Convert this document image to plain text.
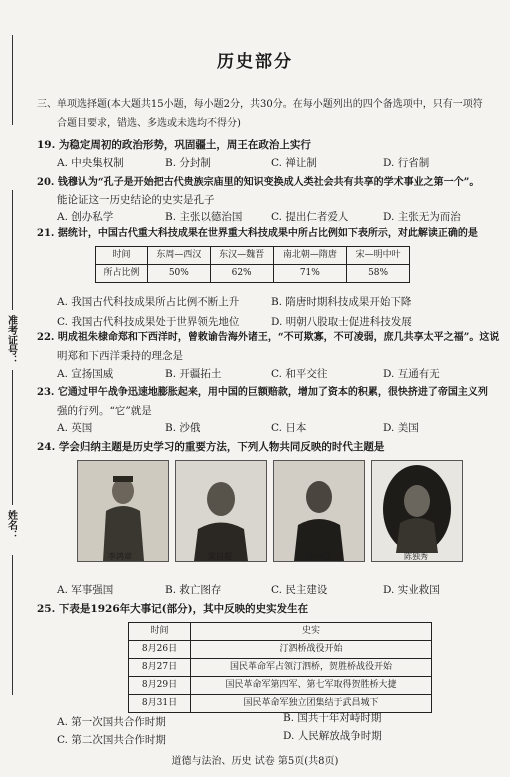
准考证号：
姓名：
历史部分
三、单项选择题(本大题共15小题，每小题2分，共30分。在每小题列出的四个备选项中，只有一项符
合题目要求，错选、多选或未选均不得分)
19. 为稳定周初的政治形势，巩固疆土，周王在政治上实行
A. 中央集权制	B. 分封制	C. 禅让制	D. 行省制
20. 钱穆认为“孔子是开始把古代贵族宗庙里的知识变换成人类社会共有共享的学术事业之第一个”。
能论证这一历史结论的史实是孔子
A. 创办私学	B. 主张以德治国	C. 提出仁者爱人	D. 主张无为而治
21. 据统计，中国古代重大科技成果在世界重大科技成果中所占比例如下表所示，对此解读正确的是
时间	东周—西汉	东汉—魏晋	南北朝—隋唐	宋—明中叶
所占比例	50%	62%	71%	58%
A. 我国古代科技成果所占比例不断上升	B. 隋唐时期科技成果开始下降
C. 我国古代科技成果处于世界领先地位	D. 明朝八股取士促进科技发展
22. 明成祖朱棣命郑和下西洋时，曾敕谕告海外诸王，“不可欺寡，不可凌弱，庶几共享太平之福”。这说
明郑和下西洋秉持的理念是
A. 宣扬国威	B. 开疆拓土	C. 和平交往	D. 互通有无
23. 它通过甲午战争迅速地膨胀起来，用中国的巨额赔款，增加了资本的积累，很快挤进了帝国主义列
强的行列。“它”就是
A. 英国	B. 沙俄	C. 日本	D. 美国
24. 学会归纳主题是历史学习的重要方法，下列人物共同反映的时代主题是
李鸿章	梁启超	孙中山	陈独秀
A. 军事强国	B. 救亡图存	C. 民主建设	D. 实业救国
25. 下表是1926年大事记(部分)，其中反映的史实发生在
时间	史实
8月26日	汀泗桥战役开始
8月27日	国民革命军占领汀泗桥，贺胜桥战役开始
8月29日	国民革命军第四军、第七军取得贺胜桥大捷
8月31日	国民革命军独立团集结于武昌城下
A. 第一次国共合作时期	B. 国共十年对峙时期
C. 第二次国共合作时期	D. 人民解放战争时期
道德与法治、历史 试卷 第5页(共8页)
